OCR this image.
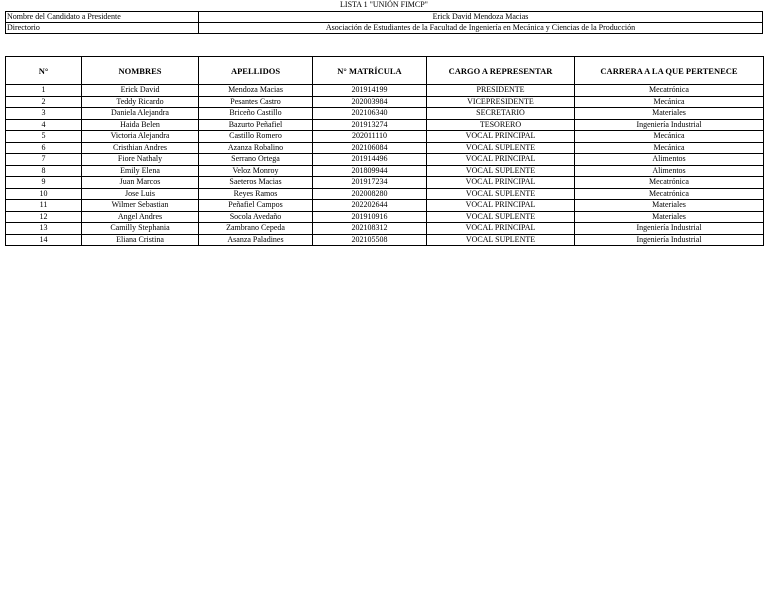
LISTA 1 "UNIÓN FIMCP"
Nombre del Candidato a Presidente	Erick David Mendoza Macias
Directorio	Asociación de Estudiantes de la Facultad de Ingeniería en Mecánica y Ciencias de la Producción
N°	NOMBRES	APELLIDOS	N° MATRÍCULA	CARGO A REPRESENTAR	CARRERA A LA QUE PERTENECE
1	Erick David	Mendoza Macias	201914199	PRESIDENTE	Mecatrónica
2	Teddy Ricardo	Pesantes Castro	202003984	VICEPRESIDENTE	Mecánica
3	Daniela Alejandra	Briceño Castillo	202106340	SECRETARIO	Materiales
4	Haida Belen	Bazurto Peñafiel	201913274	TESORERO	Ingeniería Industrial
5	Victoria Alejandra	Castillo Romero	202011110	VOCAL PRINCIPAL	Mecánica
6	Cristhian Andres	Azanza Robalino	202106084	VOCAL SUPLENTE	Mecánica
7	Fiore Nathaly	Serrano Ortega	201914496	VOCAL PRINCIPAL	Alimentos
8	Emily Elena	Veloz Monroy	201809944	VOCAL SUPLENTE	Alimentos
9	Juan Marcos	Saeteros Macias	201917234	VOCAL PRINCIPAL	Mecatrónica
10	Jose Luis	Reyes Ramos	202008280	VOCAL SUPLENTE	Mecatrónica
11	Wilmer Sebastian	Peñafiel Campos	202202644	VOCAL PRINCIPAL	Materiales
12	Angel Andres	Socola Avedaño	201910916	VOCAL SUPLENTE	Materiales
13	Camilly Stephania	Zambrano Cepeda	202108312	VOCAL PRINCIPAL	Ingeniería Industrial
14	Eliana Cristina	Asanza Paladines	202105508	VOCAL SUPLENTE	Ingeniería Industrial
